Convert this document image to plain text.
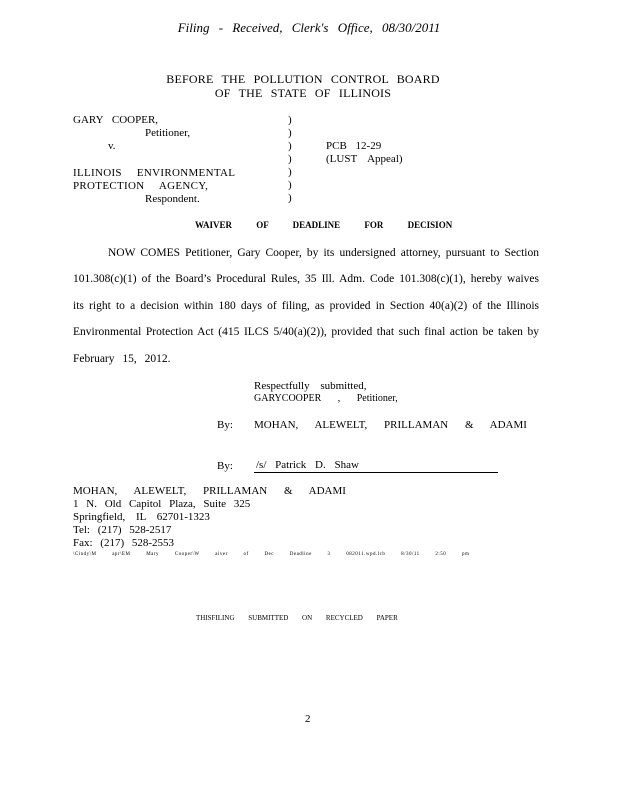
Filing - Received, Clerk's Office, 08/30/2011
BEFORE THE POLLUTION CONTROL BOARD
OF THE STATE OF ILLINOIS
GARY COOPER,
Petitioner,
v.
ILLINOIS ENVIRONMENTAL
PROTECTION AGENCY,
Respondent.
)
)
)
)
)
)
)
PCB 12-29
(LUST Appeal)
WAIVER OF DEADLINE FOR DECISION
NOW COMES Petitioner, Gary Cooper, by its undersigned attorney, pursuant to Section
101.308(c)(1) of the Board’s Procedural Rules, 35 Ill. Adm. Code 101.308(c)(1), hereby waives
its right to a decision within 180 days of filing, as provided in Section 40(a)(2) of the Illinois
Environmental Protection Act (415 ILCS 5/40(a)(2)), provided that such final action be taken by
February 15, 2012.
Respectfully submitted,
GARYCOOPER , Petitioner,
By: MOHAN, ALEWELT, PRILLAMAN & ADAMI
By: /s/ Patrick D. Shaw
MOHAN, ALEWELT, PRILLAMAN & ADAMI
1 N. Old Capitol Plaza, Suite 325
Springfield, IL 62701-1323
Tel: (217) 528-2517
Fax: (217) 528-2553
\Cindy\M apr\EM Mary Cooper\W aiver of Dec Deadline 3 082011.wpd.lcb 8/30/11 2:50 pm
THISFILING SUBMITTED ON RECYCLED PAPER
2
